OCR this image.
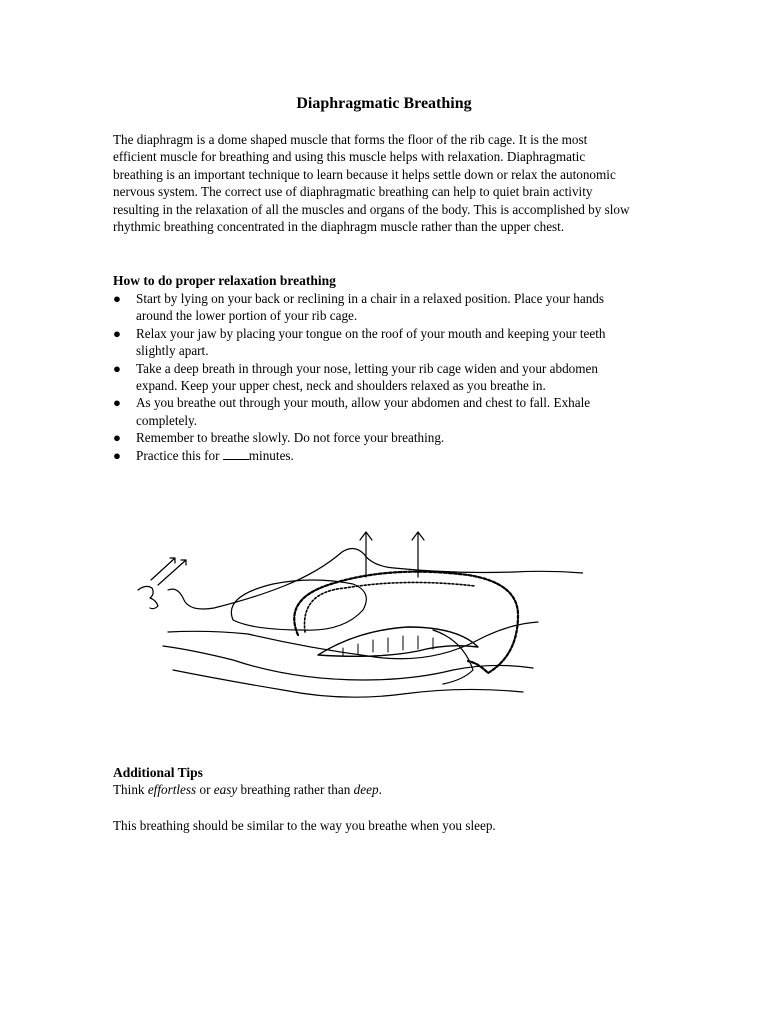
Diaphragmatic Breathing
The diaphragm is a dome shaped muscle that forms the floor of the rib cage. It is the most
efficient muscle for breathing and using this muscle helps with relaxation. Diaphragmatic
breathing is an important technique to learn because it helps settle down or relax the autonomic
nervous system. The correct use of diaphragmatic breathing can help to quiet brain activity
resulting in the relaxation of all the muscles and organs of the body. This is accomplished by slow
rhythmic breathing concentrated in the diaphragm muscle rather than the upper chest.
How to do proper relaxation breathing
● Start by lying on your back or reclining in a chair in a relaxed position. Place your hands
around the lower portion of your rib cage.
● Relax your jaw by placing your tongue on the roof of your mouth and keeping your teeth
slightly apart.
● Take a deep breath in through your nose, letting your rib cage widen and your abdomen
expand. Keep your upper chest, neck and shoulders relaxed as you breathe in.
● As you breathe out through your mouth, allow your abdomen and chest to fall. Exhale
completely.
● Remember to breathe slowly. Do not force your breathing.
● Practice this for minutes.
Additional Tips
Think effortless or easy breathing rather than deep.
This breathing should be similar to the way you breathe when you sleep.
